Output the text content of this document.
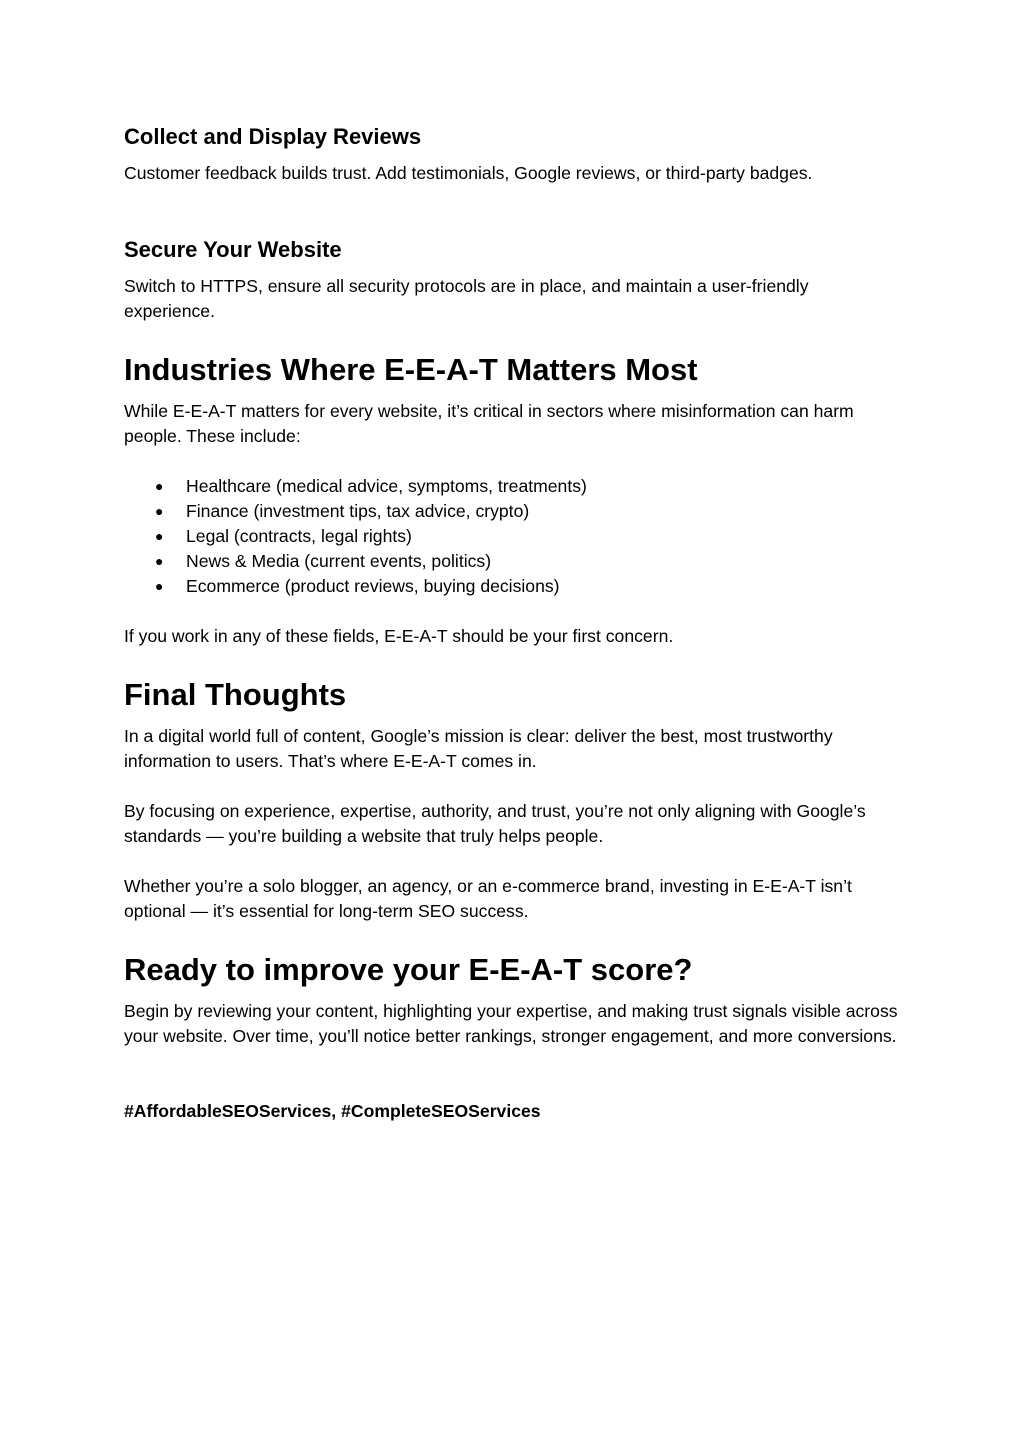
Collect and Display Reviews

Customer feedback builds trust. Add testimonials, Google reviews, or third-party badges.

Secure Your Website

Switch to HTTPS, ensure all security protocols are in place, and maintain a user-friendly experience.

Industries Where E-E-A-T Matters Most

While E-E-A-T matters for every website, it’s critical in sectors where misinformation can harm people. These include:

● Healthcare (medical advice, symptoms, treatments)
● Finance (investment tips, tax advice, crypto)
● Legal (contracts, legal rights)
● News & Media (current events, politics)
● Ecommerce (product reviews, buying decisions)

If you work in any of these fields, E-E-A-T should be your first concern.

Final Thoughts

In a digital world full of content, Google’s mission is clear: deliver the best, most trustworthy information to users. That’s where E-E-A-T comes in.

By focusing on experience, expertise, authority, and trust, you’re not only aligning with Google’s standards — you’re building a website that truly helps people.

Whether you’re a solo blogger, an agency, or an e-commerce brand, investing in E-E-A-T isn’t optional — it’s essential for long-term SEO success.

Ready to improve your E-E-A-T score?

Begin by reviewing your content, highlighting your expertise, and making trust signals visible across your website. Over time, you’ll notice better rankings, stronger engagement, and more conversions.

#AffordableSEOServices, #CompleteSEOServices
